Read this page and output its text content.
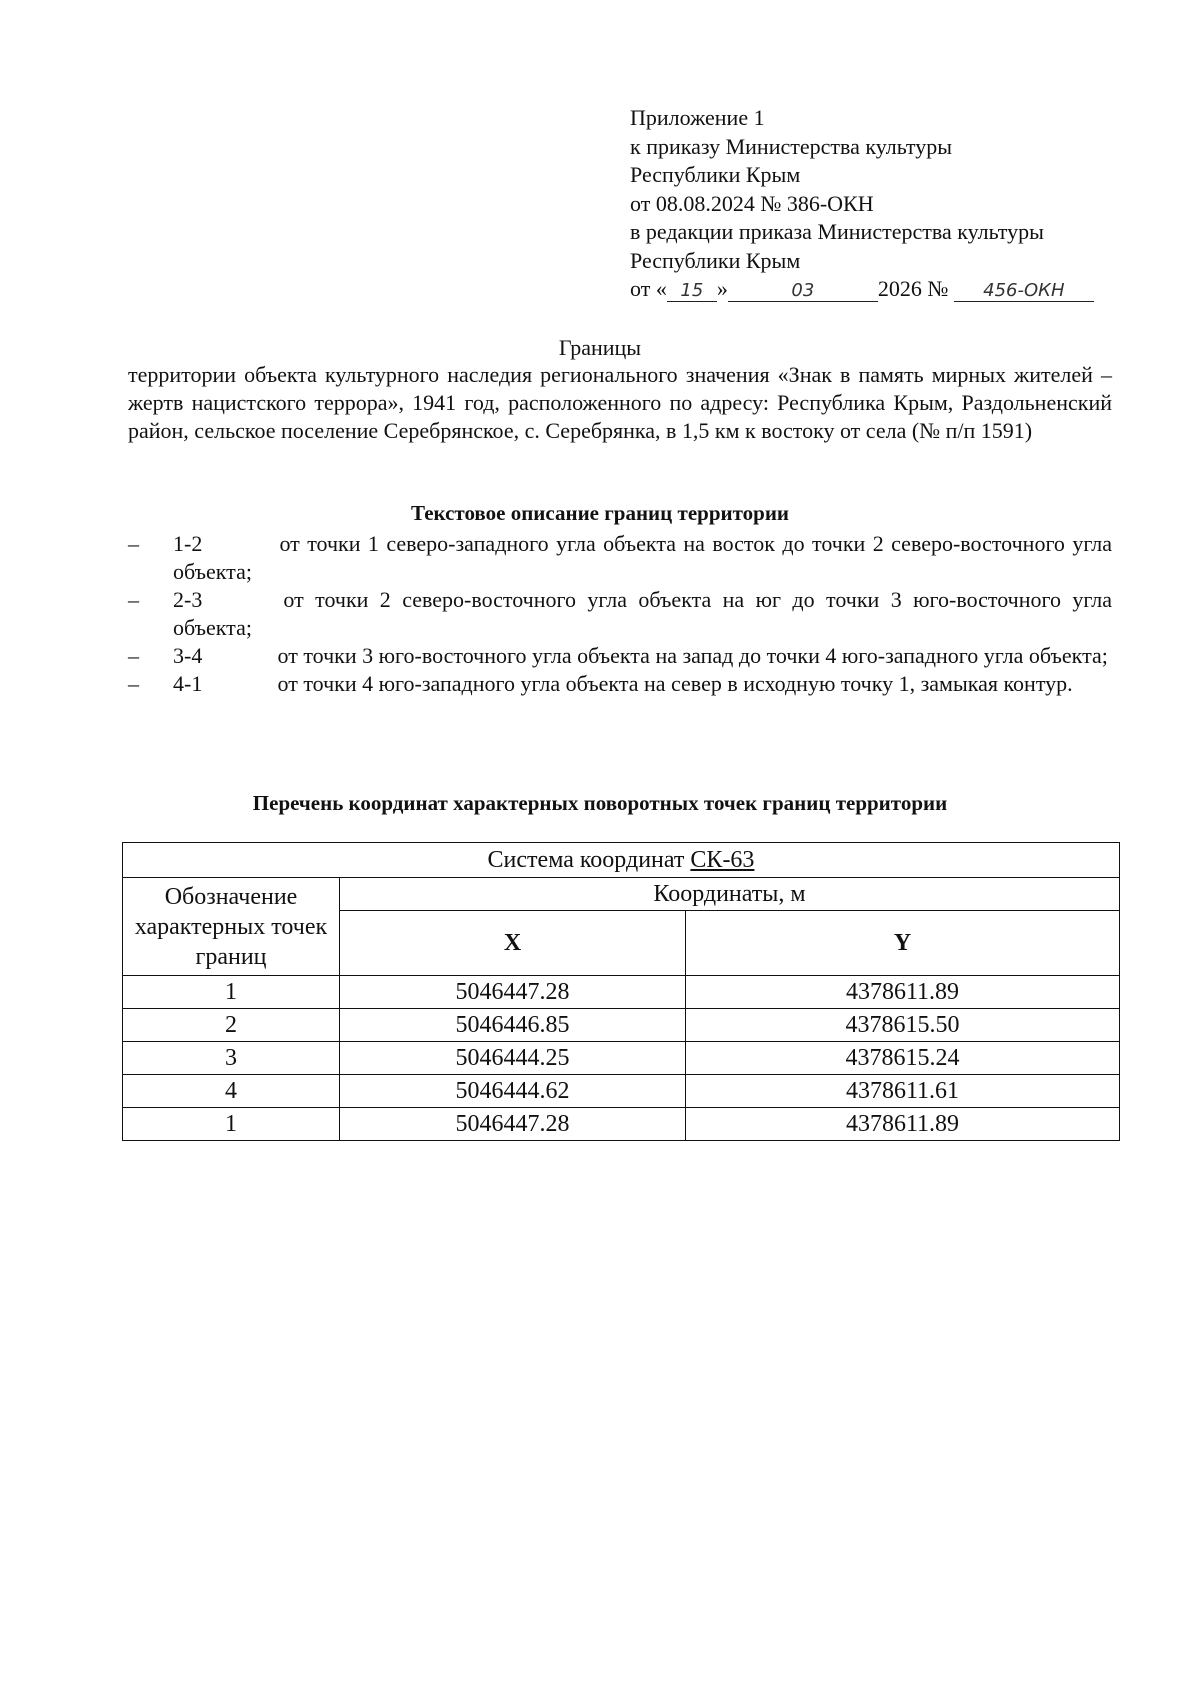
Приложение 1
к приказу Министерства культуры
Республики Крым
от 08.08.2024 № 386-ОКН
в редакции приказа Министерства культуры
Республики Крым
от « 15 »	03	2026 № 456-ОКН
Границы
территории объекта культурного наследия регионального значения «Знак в память мирных жителей – жертв нацистского террора», 1941 год, расположенного по адресу: Республика Крым, Раздольненский район, сельское поселение Серебрянское, с. Серебрянка, в 1,5 км к востоку от села (№ п/п 1591)
Текстовое описание границ территории
– 1-2	от точки 1 северо-западного угла объекта на восток до точки 2 северо-восточного угла объекта;
– 2-3	от точки 2 северо-восточного угла объекта на юг до точки 3 юго-восточного угла объекта;
– 3-4	от точки 3 юго-восточного угла объекта на запад до точки 4 юго-западного угла объекта;
– 4-1	от точки 4 юго-западного угла объекта на север в исходную точку 1, замыкая контур.
Перечень координат характерных поворотных точек границ территории
Система координат СК-63		
Обозначение характерных точек границ	Координаты, м	
	X	Y
1	5046447.28	4378611.89
2	5046446.85	4378615.50
3	5046444.25	4378615.24
4	5046444.62	4378611.61
1	5046447.28	4378611.89
